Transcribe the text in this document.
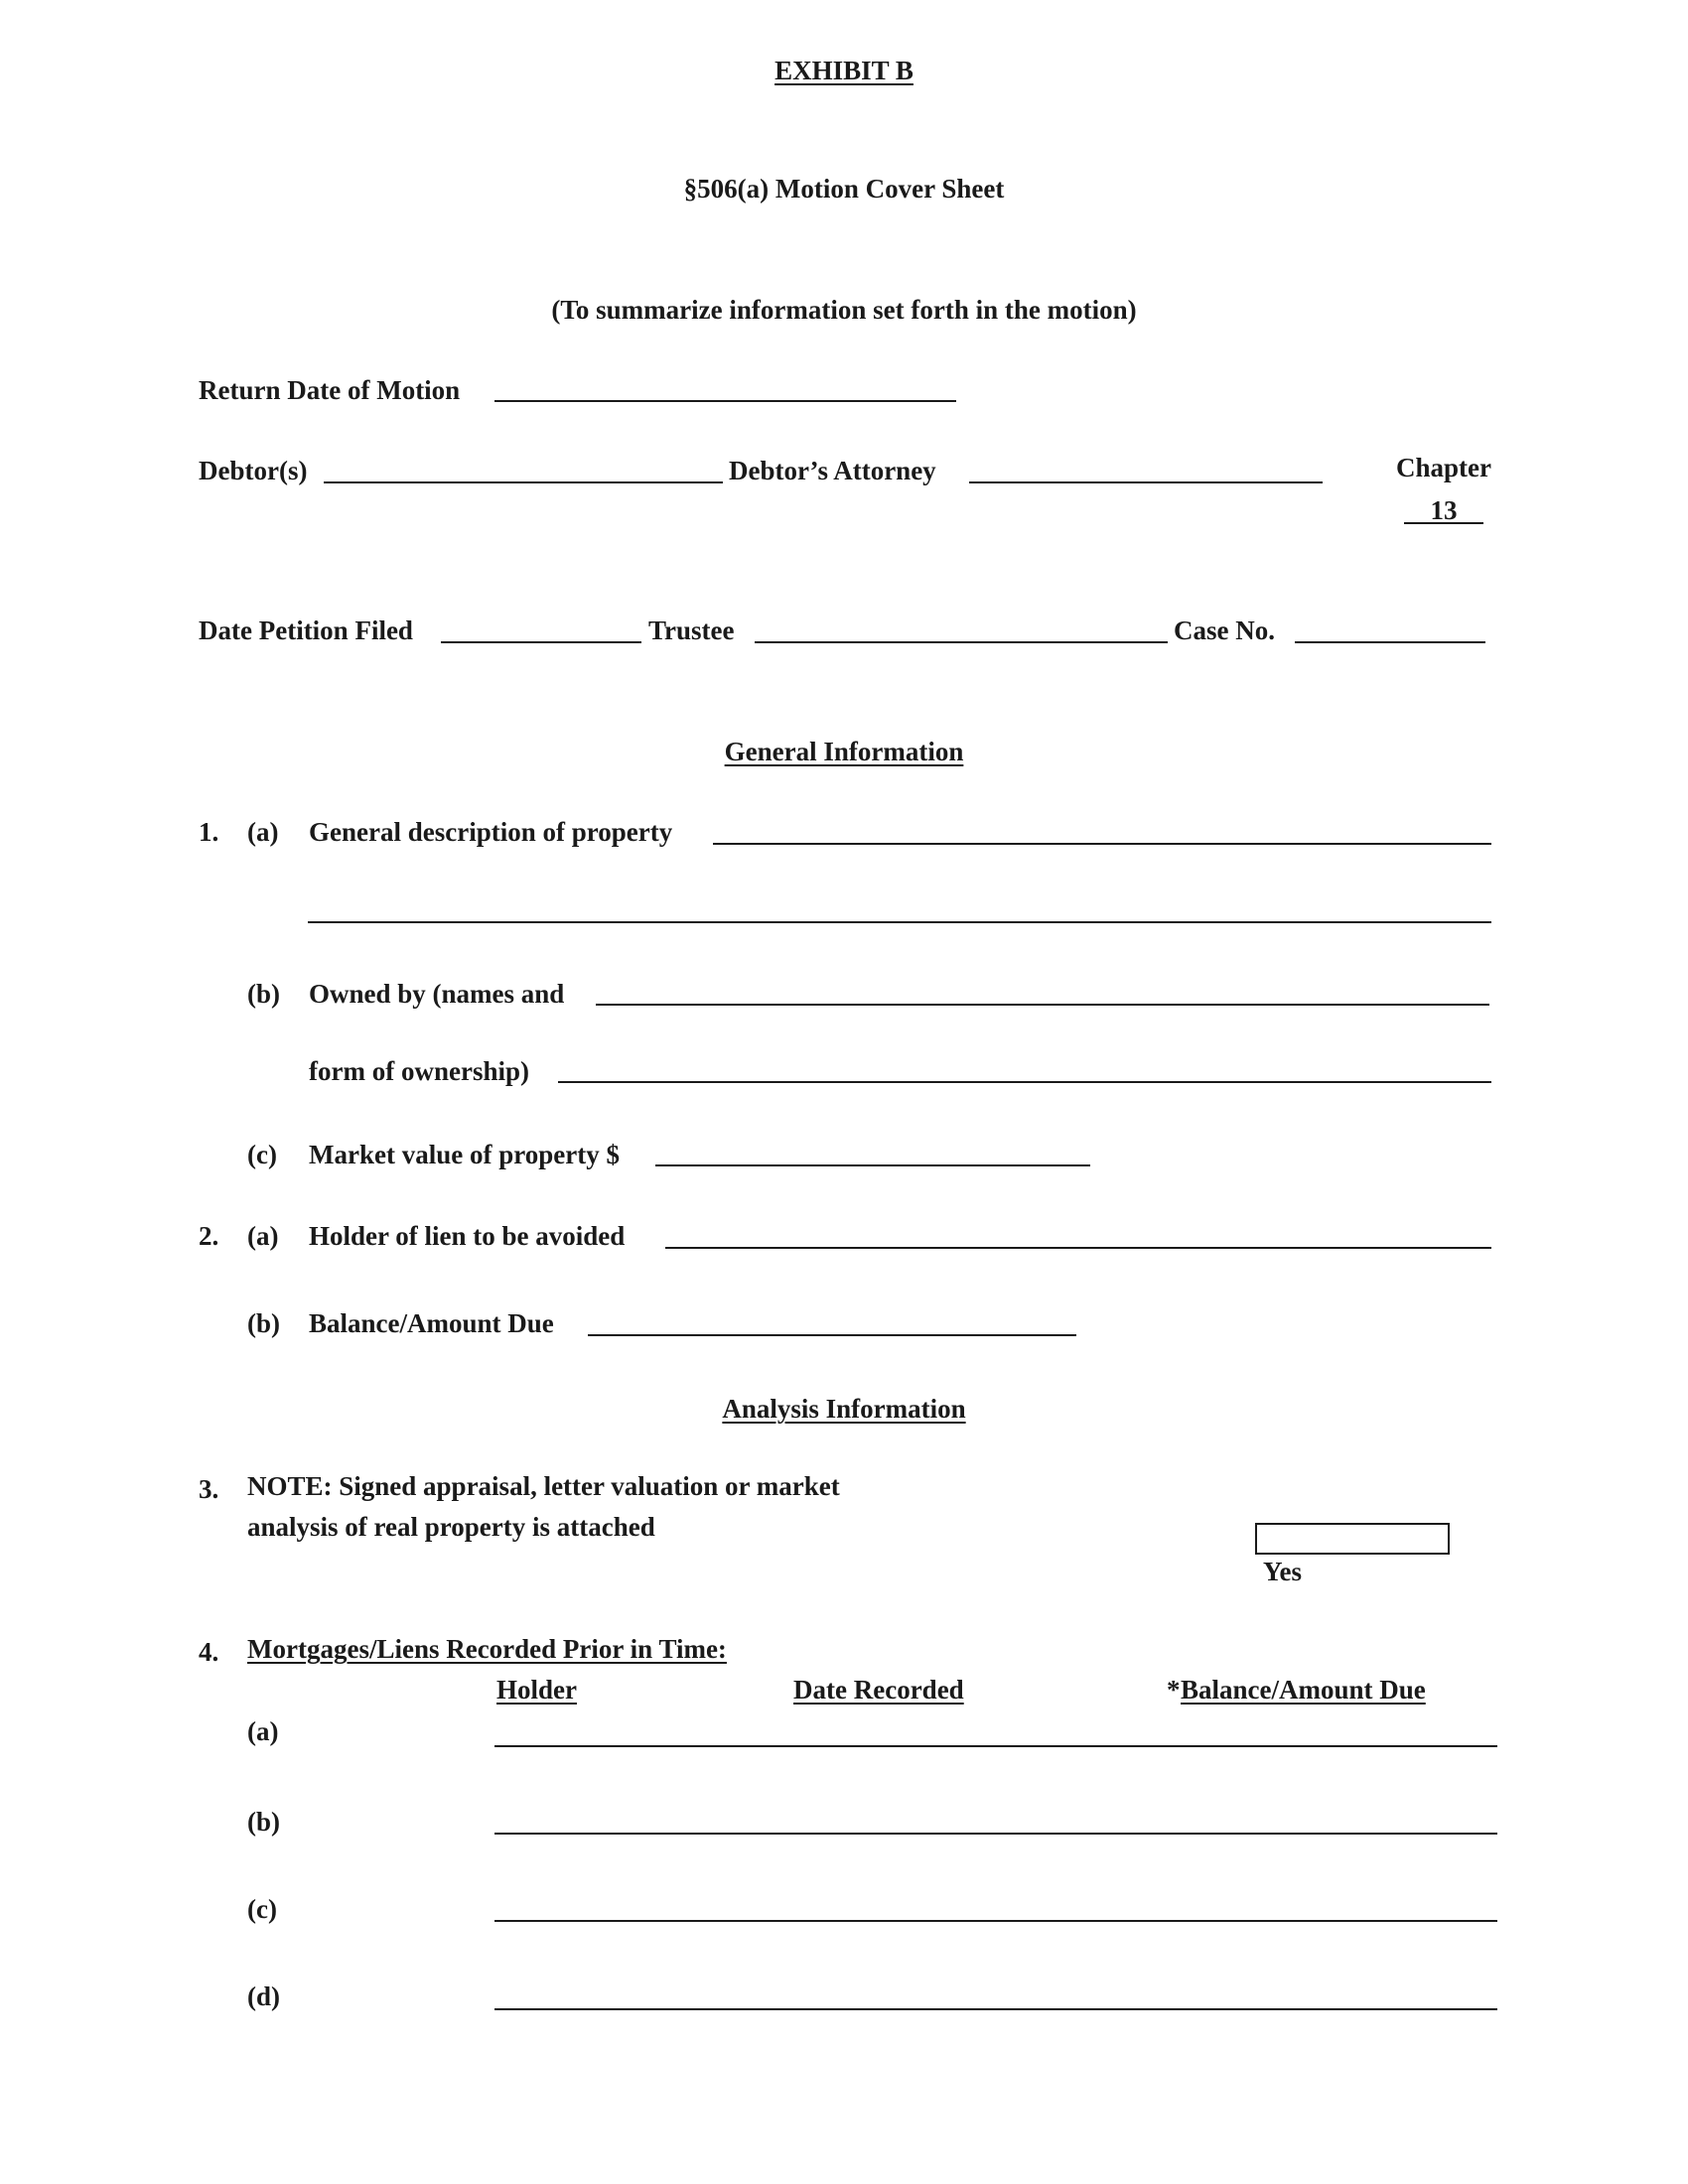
EXHIBIT B
§506(a) Motion Cover Sheet
(To summarize information set forth in the motion)
Return Date of Motion
Debtor(s)	Debtor’s Attorney	Chapter
13
Date Petition Filed	Trustee	Case No.
General Information
1. (a) General description of property
(b) Owned by (names and
form of ownership)
(c) Market value of property $
2. (a) Holder of lien to be avoided
(b) Balance/Amount Due
Analysis Information
3. NOTE: Signed appraisal, letter valuation or market
analysis of real property is attached
Yes
4. Mortgages/Liens Recorded Prior in Time:
Holder	Date Recorded	* Balance/Amount Due
(a)
(b)
(c)
(d)
